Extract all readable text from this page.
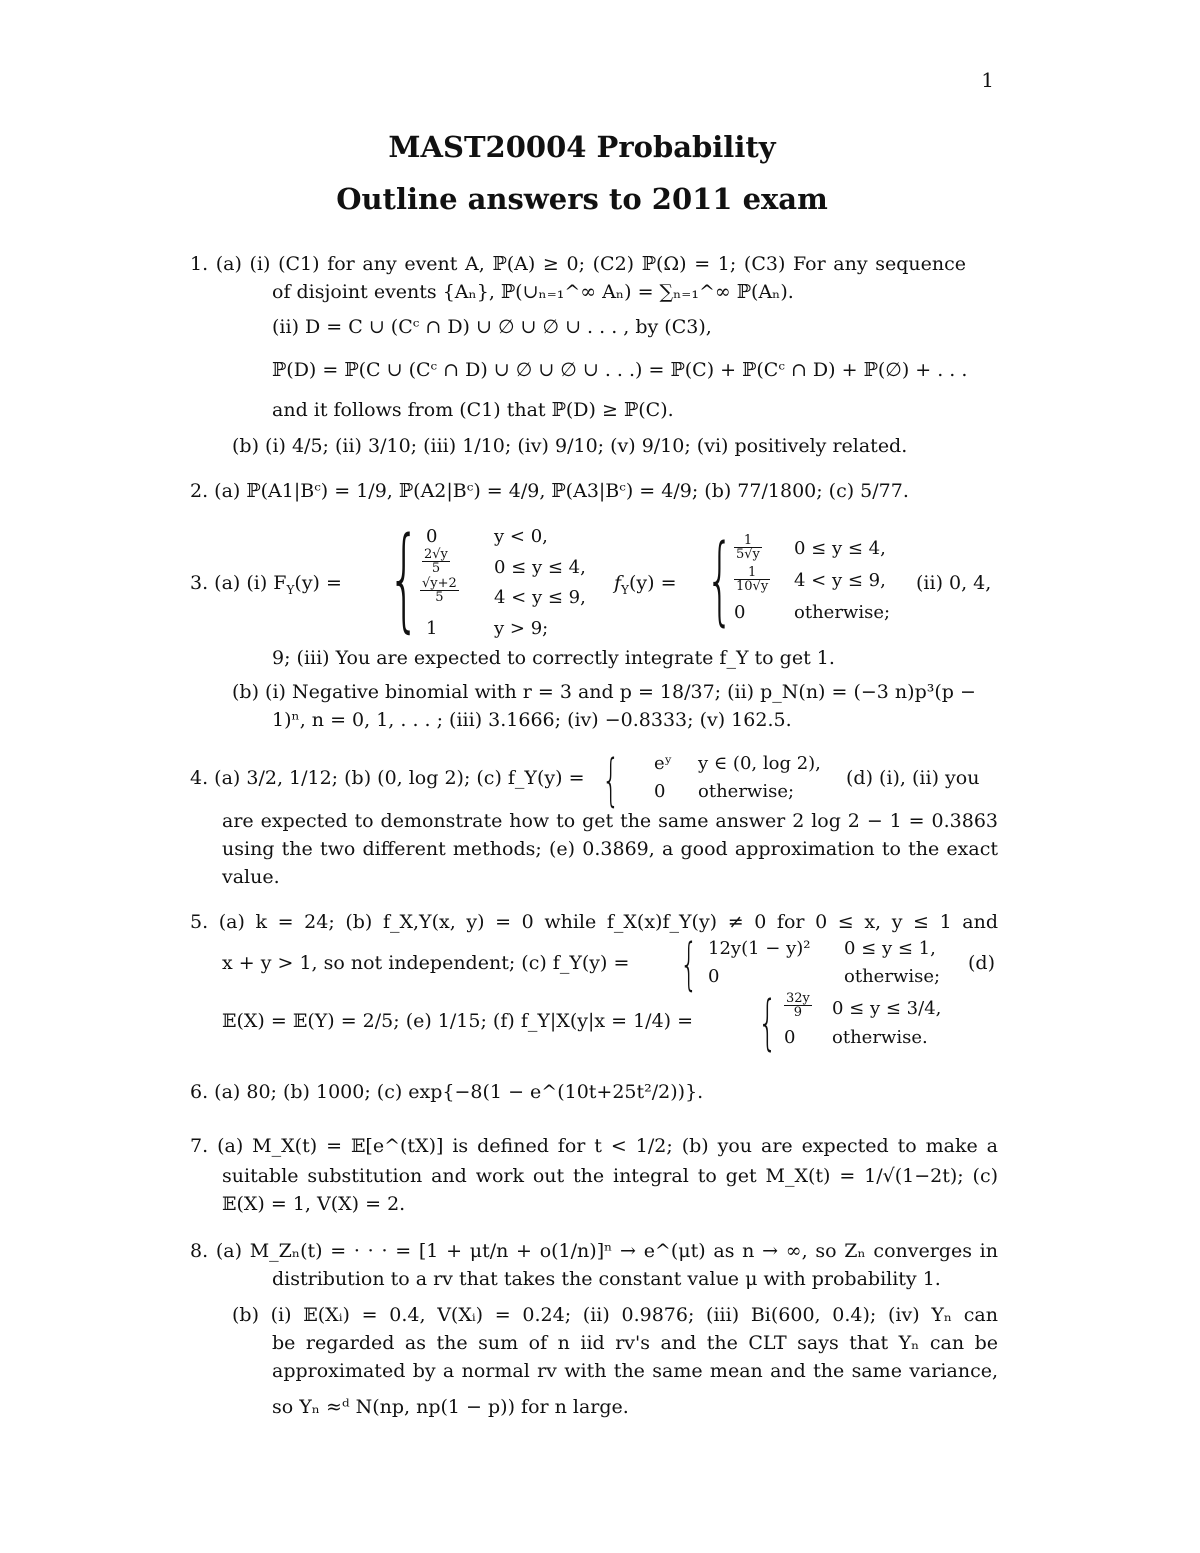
1
MAST20004 Probability
Outline answers to 2011 exam
1. (a) (i) (C1) for any event A, ℙ(A) ≥ 0; (C2) ℙ(Ω) = 1; (C3) For any sequence
of disjoint events {Aₙ}, ℙ(∪ₙ₌₁^∞ Aₙ) = ∑ₙ₌₁^∞ ℙ(Aₙ).
(ii) D = C ∪ (Cᶜ ∩ D) ∪ ∅ ∪ ∅ ∪ . . . , by (C3),
ℙ(D) = ℙ(C ∪ (Cᶜ ∩ D) ∪ ∅ ∪ ∅ ∪ . . .) = ℙ(C) + ℙ(Cᶜ ∩ D) + ℙ(∅) + . . .
and it follows from (C1) that ℙ(D) ≥ ℙ(C).
(b) (i) 4/5; (ii) 3/10; (iii) 1/10; (iv) 9/10; (v) 9/10; (vi) positively related.
2. (a) ℙ(A1|Bᶜ) = 1/9, ℙ(A2|Bᶜ) = 4/9, ℙ(A3|Bᶜ) = 4/9; (b) 77/1800; (c) 5/77.
3. (a) (i) $F_Y(y)$ = { 0	y < 0,
$\frac{2√y}{5} 0 \le y \le 4$,
$\frac{√y+2}{5} 4 < y \le 9$,
1	y > 9;
$f_Y(y)$ = { $\frac{1}{5√y} 0 \le y \le 4$,
$\frac{1}{10√y} 4 < y \le 9$,
0	otherwise;
(ii) 0, 4,
9; (iii) You are expected to correctly integrate f_Y to get 1.
(b) (i) Negative binomial with r = 3 and p = 18/37; (ii) p_N(n) = (−3 n)p³(p −
1)ⁿ, n = 0, 1, . . . ; (iii) 3.1666; (iv) −0.8333; (v) 162.5.
4. (a) 3/2, 1/12; (b) (0, log 2); (c) f_Y(y) = { eʸ y ∈ (0, log 2),
0 otherwise;
(d) (i), (ii) you
are expected to demonstrate how to get the same answer 2 log 2 − 1 = 0.3863
using the two different methods; (e) 0.3869, a good approximation to the exact
value.
5. (a) k = 24; (b) f_X,Y(x, y) = 0 while f_X(x)f_Y(y) ≠ 0 for 0 ≤ x, y ≤ 1 and
x + y > 1, so not independent; (c) f_Y(y) = { 12y(1 − y)² 0 ≤ y ≤ 1,
0	otherwise;
(d)
𝔼(X) = 𝔼(Y) = 2/5; (e) 1/15; (f) f_Y|X(y|x = 1/4) = { $\frac{32y}{9} 0 \le y \le 3/4$,
0 otherwise.
6. (a) 80; (b) 1000; (c) exp{−8(1 − e^(10t+25t²/2))}.
7. (a) M_X(t) = 𝔼[e^(tX)] is defined for t < 1/2; (b) you are expected to make a
suitable substitution and work out the integral to get M_X(t) = 1/√(1−2t); (c)
𝔼(X) = 1, V(X) = 2.
8. (a) M_Zₙ(t) = · · · = [1 + μt/n + o(1/n)]ⁿ → e^(μt) as n → ∞, so Zₙ converges in
distribution to a rv that takes the constant value μ with probability 1.
(b) (i) 𝔼(Xᵢ) = 0.4, V(Xᵢ) = 0.24; (ii) 0.9876; (iii) Bi(600, 0.4); (iv) Yₙ can
be regarded as the sum of n iid rv's and the CLT says that Yₙ can be
approximated by a normal rv with the same mean and the same variance,
so Yₙ ≈ᵈ N(np, np(1 − p)) for n large.
